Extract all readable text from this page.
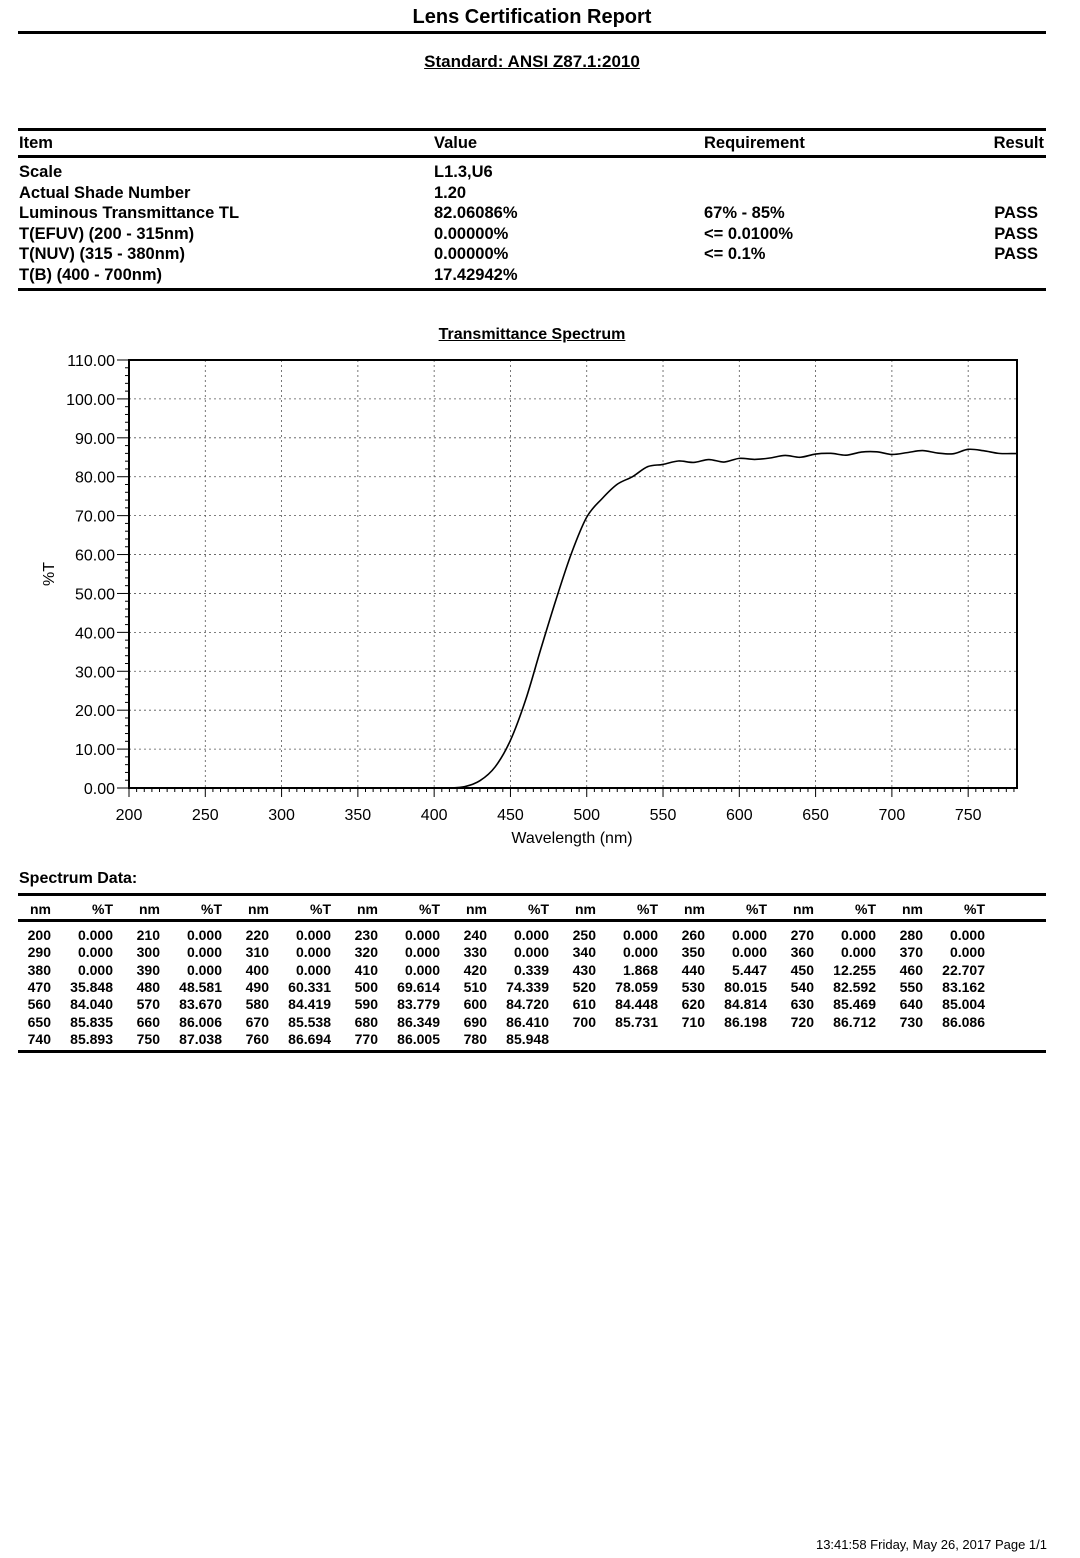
Lens Certification Report
Standard: ANSI Z87.1:2010
Item	Value	Requirement	Result
Scale	L1.3,U6
Actual Shade Number	1.20
Luminous Transmittance TL	82.06086%	67% - 85%	PASS
T(EFUV) (200 - 315nm)	0.00000%	<= 0.0100%	PASS
T(NUV) (315 - 380nm)	0.00000%	<= 0.1%	PASS
T(B) (400 - 700nm)	17.42942%
Transmittance Spectrum
200	250	300	350	400	450	500	550	600	650	700	750
0.00
10.00
20.00
30.00
40.00
50.00
60.00
70.00
80.00
90.00
100.00
110.00
Wavelength (nm)
%T
Spectrum Data:
nm	%T nm	%T nm	%T nm	%T nm	%T nm	%T nm	%T nm	%T nm	%T
200 0.000 210 0.000 220 0.000 230 0.000 240 0.000 250 0.000 260 0.000 270 0.000 280 0.000
290 0.000 300 0.000 310 0.000 320 0.000 330 0.000 340 0.000 350 0.000 360 0.000 370 0.000
380 0.000 390 0.000 400 0.000 410 0.000 420 0.339 430 1.868 440 5.447 450 12.255 460 22.707
470 35.848 480 48.581 490 60.331 500 69.614 510 74.339 520 78.059 530 80.015 540 82.592 550 83.162
560 84.040 570 83.670 580 84.419 590 83.779 600 84.720 610 84.448 620 84.814 630 85.469 640 85.004
650 85.835 660 86.006 670 85.538 680 86.349 690 86.410 700 85.731 710 86.198 720 86.712 730 86.086
740 85.893 750 87.038 760 86.694 770 86.005 780 85.948
13:41:58 Friday, May 26, 2017 Page 1/1
